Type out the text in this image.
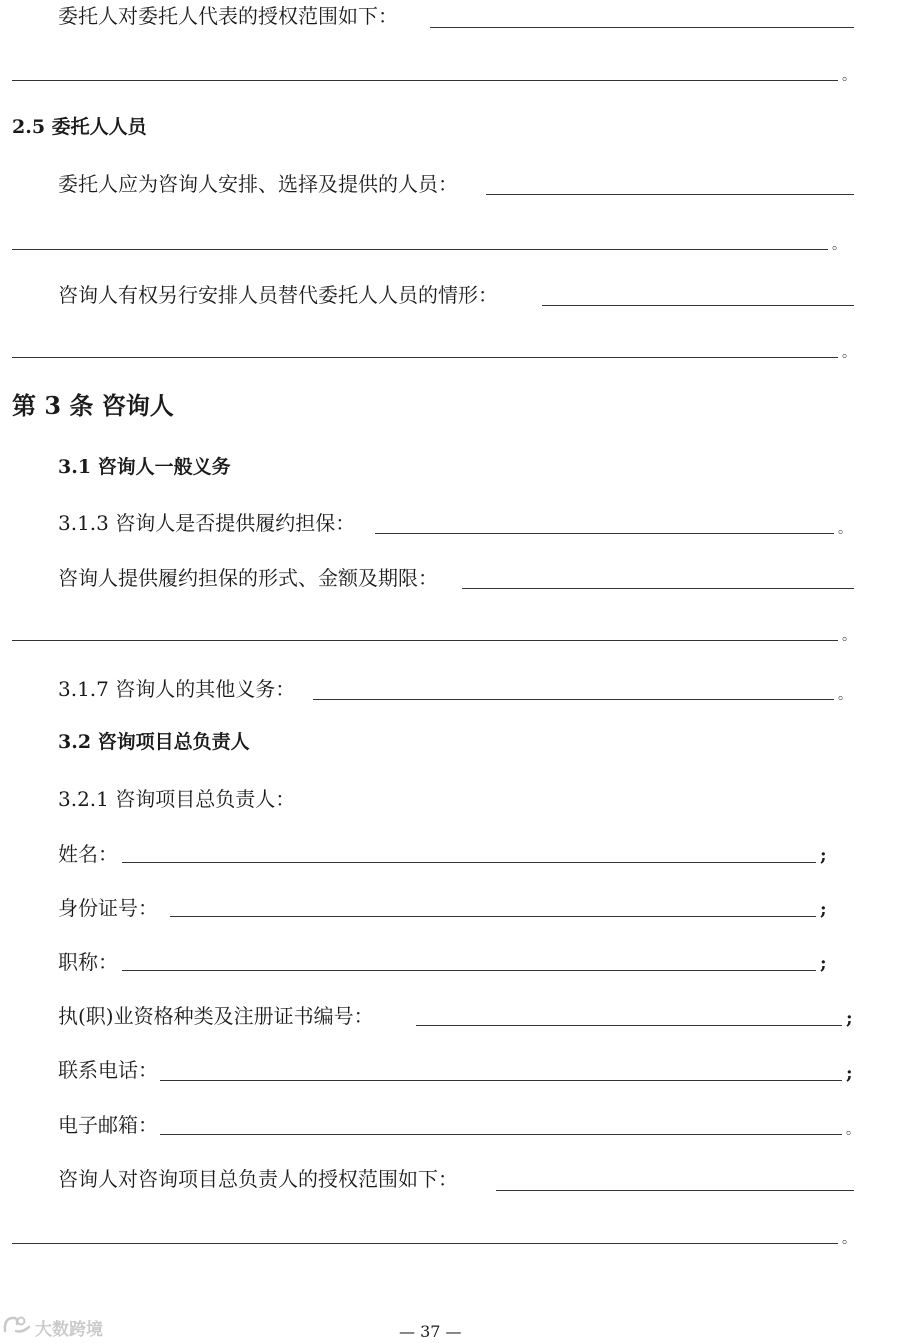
委托人对委托人代表的授权范围如下：
。
2.5 委托人人员
委托人应为咨询人安排、选择及提供的人员：
。
咨询人有权另行安排人员替代委托人人员的情形：
。
第 3 条 咨询人
3.1 咨询人一般义务
3.1.3 咨询人是否提供履约担保：	。
咨询人提供履约担保的形式、金额及期限：
。
3.1.7 咨询人的其他义务：	。
3.2 咨询项目总负责人
3.2.1 咨询项目总负责人：
姓名：	;
身份证号：	;
职称：	;
执(职)业资格种类及注册证书编号：	;
联系电话：	;
电子邮箱：	。
咨询人对咨询项目总负责人的授权范围如下：
。
大数跨境	— 37 —
